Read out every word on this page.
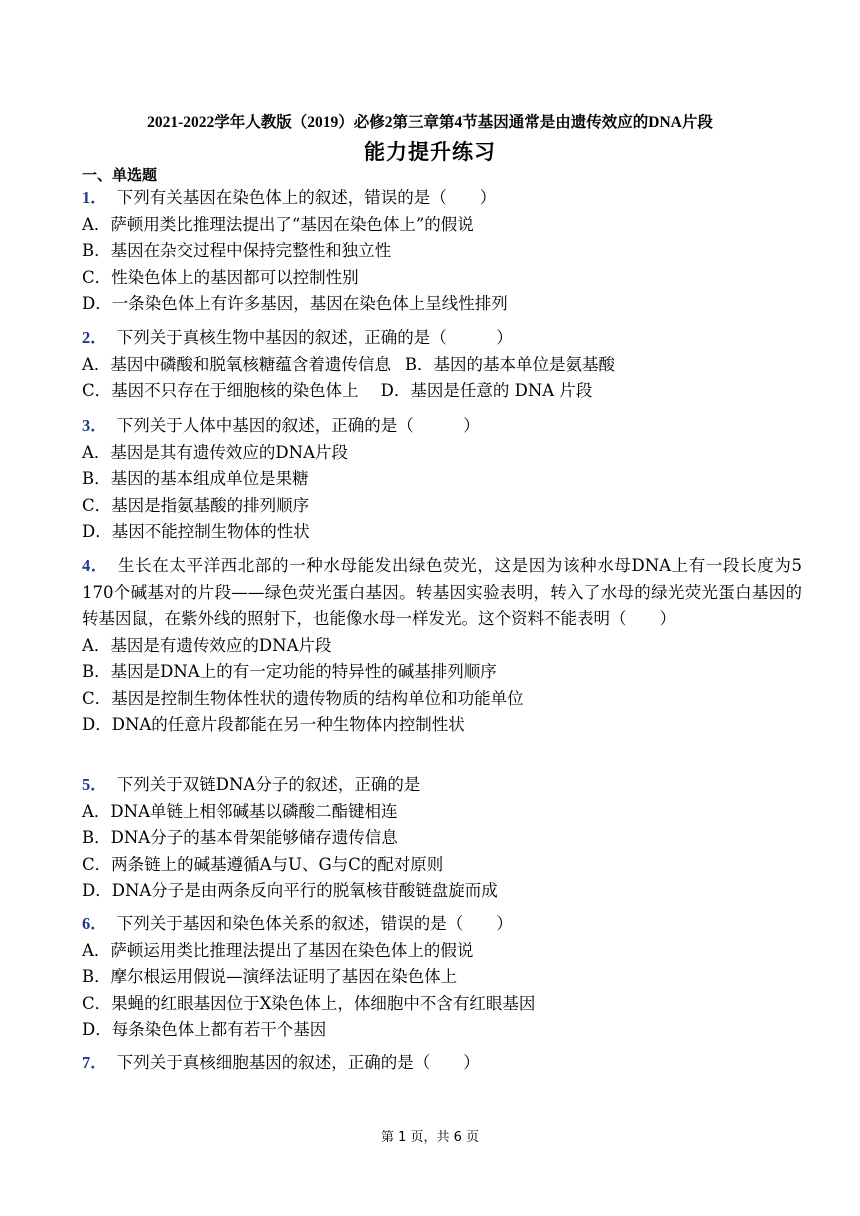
2021-2022学年人教版（2019）必修2第三章第4节基因通常是由遗传效应的DNA片段
能力提升练习
一、单选题
1． 下列有关基因在染色体上的叙述，错误的是（　　）
A．萨顿用类比推理法提出了“基因在染色体上”的假说
B．基因在杂交过程中保持完整性和独立性
C．性染色体上的基因都可以控制性别
D．一条染色体上有许多基因，基因在染色体上呈线性排列
2． 下列关于真核生物中基因的叙述，正确的是（　　　）
A．基因中磷酸和脱氧核糖蕴含着遗传信息 B．基因的基本单位是氨基酸
C．基因不只存在于细胞核的染色体上 D．基因是任意的 DNA 片段
3． 下列关于人体中基因的叙述，正确的是（　　　）
A．基因是其有遗传效应的DNA片段
B．基因的基本组成单位是果糖
C．基因是指氨基酸的排列顺序
D．基因不能控制生物体的性状
4． 生长在太平洋西北部的一种水母能发出绿色荧光，这是因为该种水母DNA上有一段长度为5 170个碱基对的片段——绿色荧光蛋白基因。转基因实验表明，转入了水母的绿光荧光蛋白基因的转基因鼠，在紫外线的照射下，也能像水母一样发光。这个资料不能表明（　　）
A．基因是有遗传效应的DNA片段
B．基因是DNA上的有一定功能的特异性的碱基排列顺序
C．基因是控制生物体性状的遗传物质的结构单位和功能单位
D．DNA的任意片段都能在另一种生物体内控制性状
5． 下列关于双链DNA分子的叙述，正确的是
A．DNA单链上相邻碱基以磷酸二酯键相连
B．DNA分子的基本骨架能够储存遗传信息
C．两条链上的碱基遵循A与U、G与C的配对原则
D．DNA分子是由两条反向平行的脱氧核苷酸链盘旋而成
6． 下列关于基因和染色体关系的叙述，错误的是（　　）
A．萨顿运用类比推理法提出了基因在染色体上的假说
B．摩尔根运用假说—演绎法证明了基因在染色体上
C．果蝇的红眼基因位于X染色体上，体细胞中不含有红眼基因
D．每条染色体上都有若干个基因
7． 下列关于真核细胞基因的叙述，正确的是（　　）
第 1 页，共 6 页
